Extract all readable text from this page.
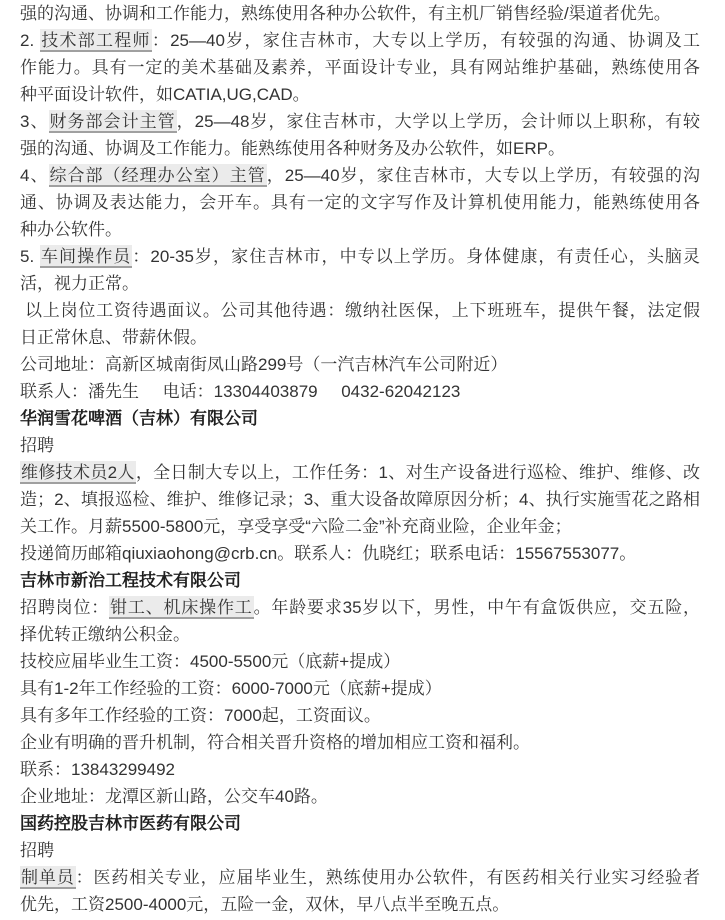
强的沟通、协调和工作能力，熟练使用各种办公软件，有主机厂销售经验/渠道者优先。
2. 技术部工程师：25—40岁，家住吉林市，大专以上学历，有较强的沟通、协调及工
作能力。具有一定的美术基础及素养，平面设计专业，具有网站维护基础，熟练使用各
种平面设计软件，如CATIA,UG,CAD。
3、财务部会计主管，25—48岁，家住吉林市，大学以上学历，会计师以上职称，有较
强的沟通、协调及工作能力。能熟练使用各种财务及办公软件，如ERP。
4、综合部（经理办公室）主管，25—40岁，家住吉林市，大专以上学历，有较强的沟
通、协调及表达能力，会开车。具有一定的文字写作及计算机使用能力，能熟练使用各
种办公软件。
5. 车间操作员：20-35岁，家住吉林市，中专以上学历。身体健康，有责任心，头脑灵
活，视力正常。
以上岗位工资待遇面议。公司其他待遇：缴纳社医保，上下班班车，提供午餐，法定假
日正常休息、带薪休假。
公司地址：高新区城南街凤山路299号（一汽吉林汽车公司附近）
联系人：潘先生     电话：13304403879     0432-62042123
华润雪花啤酒（吉林）有限公司
招聘
维修技术员2人，全日制大专以上，工作任务：1、对生产设备进行巡检、维护、维修、改
造；2、填报巡检、维护、维修记录；3、重大设备故障原因分析；4、执行实施雪花之路相
关工作。月薪5500-5800元，享受享受“六险二金”补充商业险，企业年金；
投递简历邮箱qiuxiaohong@crb.cn。联系人：仇晓红；联系电话：15567553077。
吉林市新治工程技术有限公司
招聘岗位：钳工、机床操作工。年龄要求35岁以下，男性，中午有盒饭供应，交五险，
择优转正缴纳公积金。
技校应届毕业生工资：4500-5500元（底薪+提成）
具有1-2年工作经验的工资：6000-7000元（底薪+提成）
具有多年工作经验的工资：7000起，工资面议。
企业有明确的晋升机制，符合相关晋升资格的增加相应工资和福利。
联系：13843299492
企业地址：龙潭区新山路，公交车40路。
国药控股吉林市医药有限公司
招聘
制单员：医药相关专业，应届毕业生，熟练使用办公软件，有医药相关行业实习经验者
优先，工资2500-4000元，五险一金，双休，早八点半至晚五点。
